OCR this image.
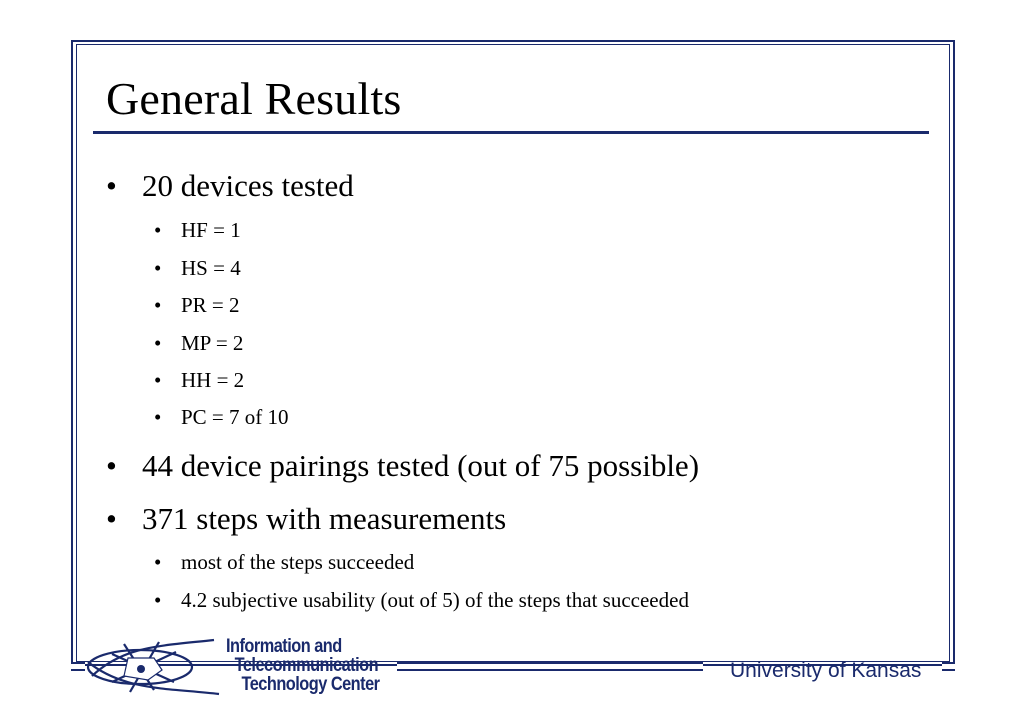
General Results
• 20 devices tested
• HF = 1
• HS = 4
• PR = 2
• MP = 2
• HH = 2
• PC = 7 of 10
• 44 device pairings tested (out of 75 possible)
• 371 steps with measurements
• most of the steps succeeded
• 4.2 subjective usability (out of 5) of the steps that succeeded
Information and
Telecommunication
Technology Center
University of Kansas
